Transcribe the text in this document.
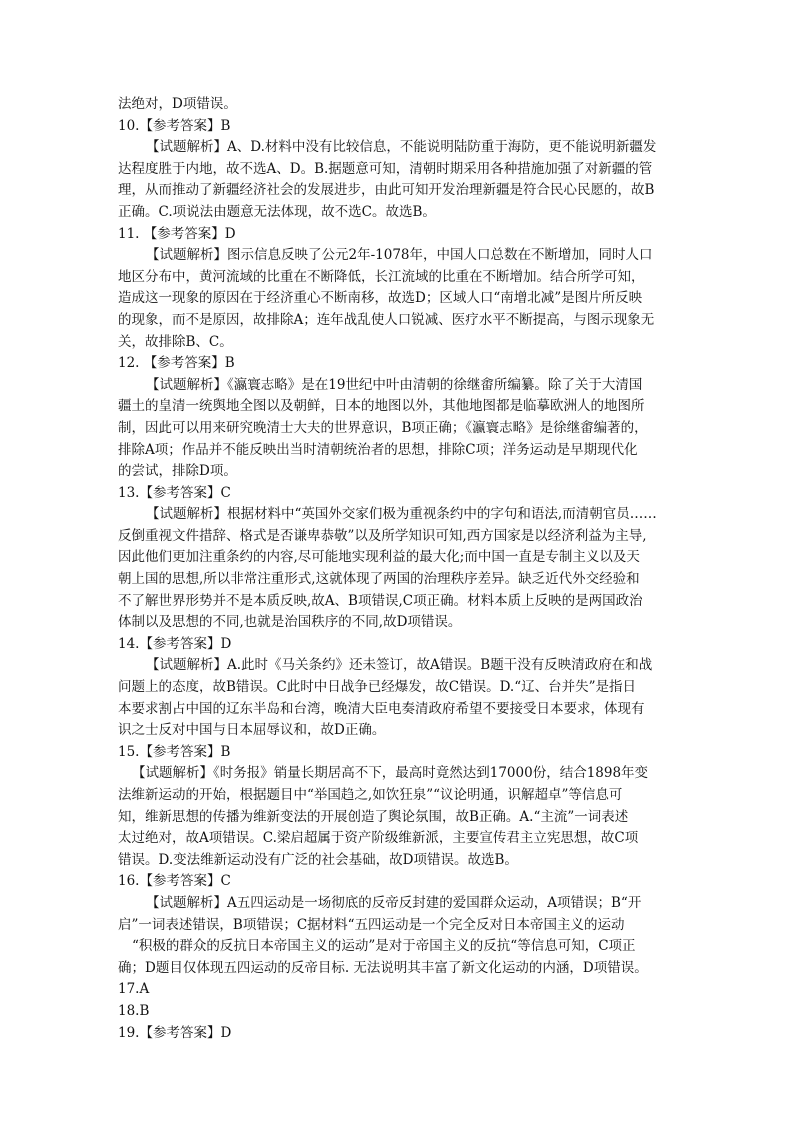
法绝对，D项错误。
10.【参考答案】B
【试题解析】A、D.材料中没有比较信息，不能说明陆防重于海防，更不能说明新疆发
达程度胜于内地，故不选A、D。B.据题意可知，清朝时期采用各种措施加强了对新疆的管
理，从而推动了新疆经济社会的发展进步，由此可知开发治理新疆是符合民心民愿的，故B
正确。C.项说法由题意无法体现，故不选C。故选B。
11. 【参考答案】D
【试题解析】图示信息反映了公元2年-1078年，中国人口总数在不断增加，同时人口
地区分布中，黄河流域的比重在不断降低，长江流域的比重在不断增加。结合所学可知，
造成这一现象的原因在于经济重心不断南移，故选D；区域人口“南增北减”是图片所反映
的现象，而不是原因，故排除A；连年战乱使人口锐减、医疗水平不断提高，与图示现象无
关，故排除B、C。
12. 【参考答案】B
【试题解析】《瀛寰志略》是在19世纪中叶由清朝的徐继畬所编纂。除了关于大清国
疆土的皇清一统舆地全图以及朝鲜，日本的地图以外，其他地图都是临摹欧洲人的地图所
制，因此可以用来研究晚清士大夫的世界意识，B项正确；《瀛寰志略》是徐继畬编著的，
排除A项；作品并不能反映出当时清朝统治者的思想，排除C项；洋务运动是早期现代化
的尝试，排除D项。
13.【参考答案】C
【试题解析】根据材料中“英国外交家们极为重视条约中的字句和语法,而清朝官员……
反倒重视文件措辞、格式是否谦卑恭敬”以及所学知识可知,西方国家是以经济利益为主导,
因此他们更加注重条约的内容,尽可能地实现利益的最大化;而中国一直是专制主义以及天
朝上国的思想,所以非常注重形式,这就体现了两国的治理秩序差异。缺乏近代外交经验和
不了解世界形势并不是本质反映,故A、B项错误,C项正确。材料本质上反映的是两国政治
体制以及思想的不同,也就是治国秩序的不同,故D项错误。
14.【参考答案】D
【试题解析】A.此时《马关条约》还未签订，故A错误。B题干没有反映清政府在和战
问题上的态度，故B错误。C此时中日战争已经爆发，故C错误。D.“辽、台并失”是指日
本要求割占中国的辽东半岛和台湾，晚清大臣电奏清政府希望不要接受日本要求，体现有
识之士反对中国与日本屈辱议和，故D正确。
15.【参考答案】B
【试题解析】《时务报》销量长期居高不下，最高时竟然达到17000份，结合1898年变
法维新运动的开始，根据题目中“举国趋之,如饮狂泉”“议论明通，识解超卓”等信息可
知，维新思想的传播为维新变法的开展创造了舆论氛围，故B正确。A.“主流”一词表述
太过绝对，故A项错误。C.梁启超属于资产阶级维新派，主要宣传君主立宪思想，故C项
错误。D.变法维新运动没有广泛的社会基础，故D项错误。故选B。
16.【参考答案】C
【试题解析】A五四运动是一场彻底的反帝反封建的爱国群众运动，A项错误；B“开
启”一词表述错误，B项错误；C据材料“五四运动是一个完全反对日本帝国主义的运动
“积极的群众的反抗日本帝国主义的运动”是对于帝国主义的反抗“等信息可知，C项正
确；D题目仅体现五四运动的反帝目标. 无法说明其丰富了新文化运动的内涵，D项错误。
17.A
18.B
19.【参考答案】D
